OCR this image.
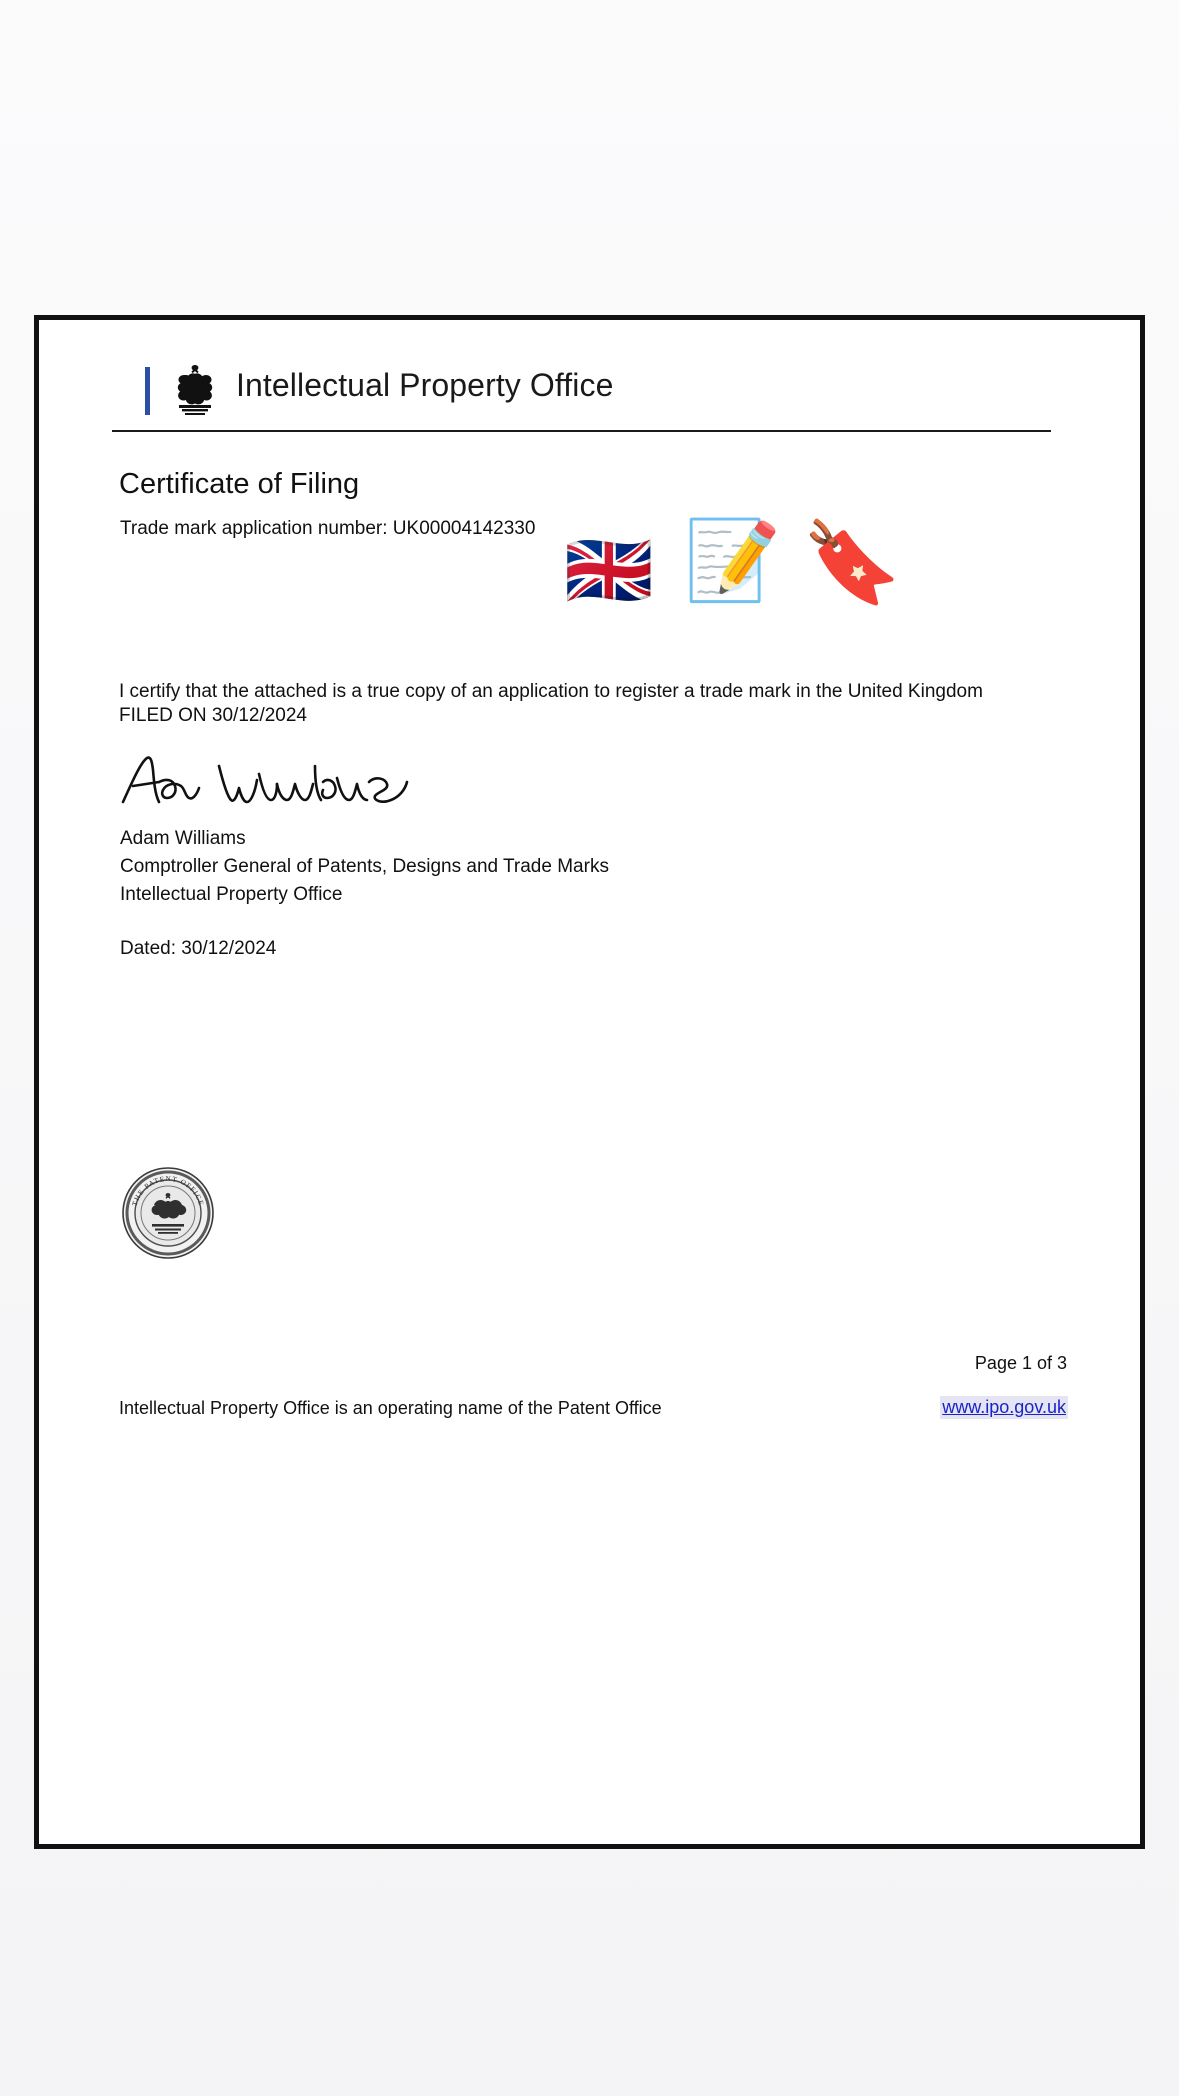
Intellectual Property Office
Certificate of Filing
Trade mark application number: UK00004142330
🇬🇧 📝 🔖
I certify that the attached is a true copy of an application to register a trade mark in the United Kingdom FILED ON 30/12/2024
Adam Williams
Comptroller General of Patents, Designs and Trade Marks
Intellectual Property Office
Dated: 30/12/2024
THE PATENT OFFICE
Page 1 of 3
Intellectual Property Office is an operating name of the Patent Office	www.ipo.gov.uk
